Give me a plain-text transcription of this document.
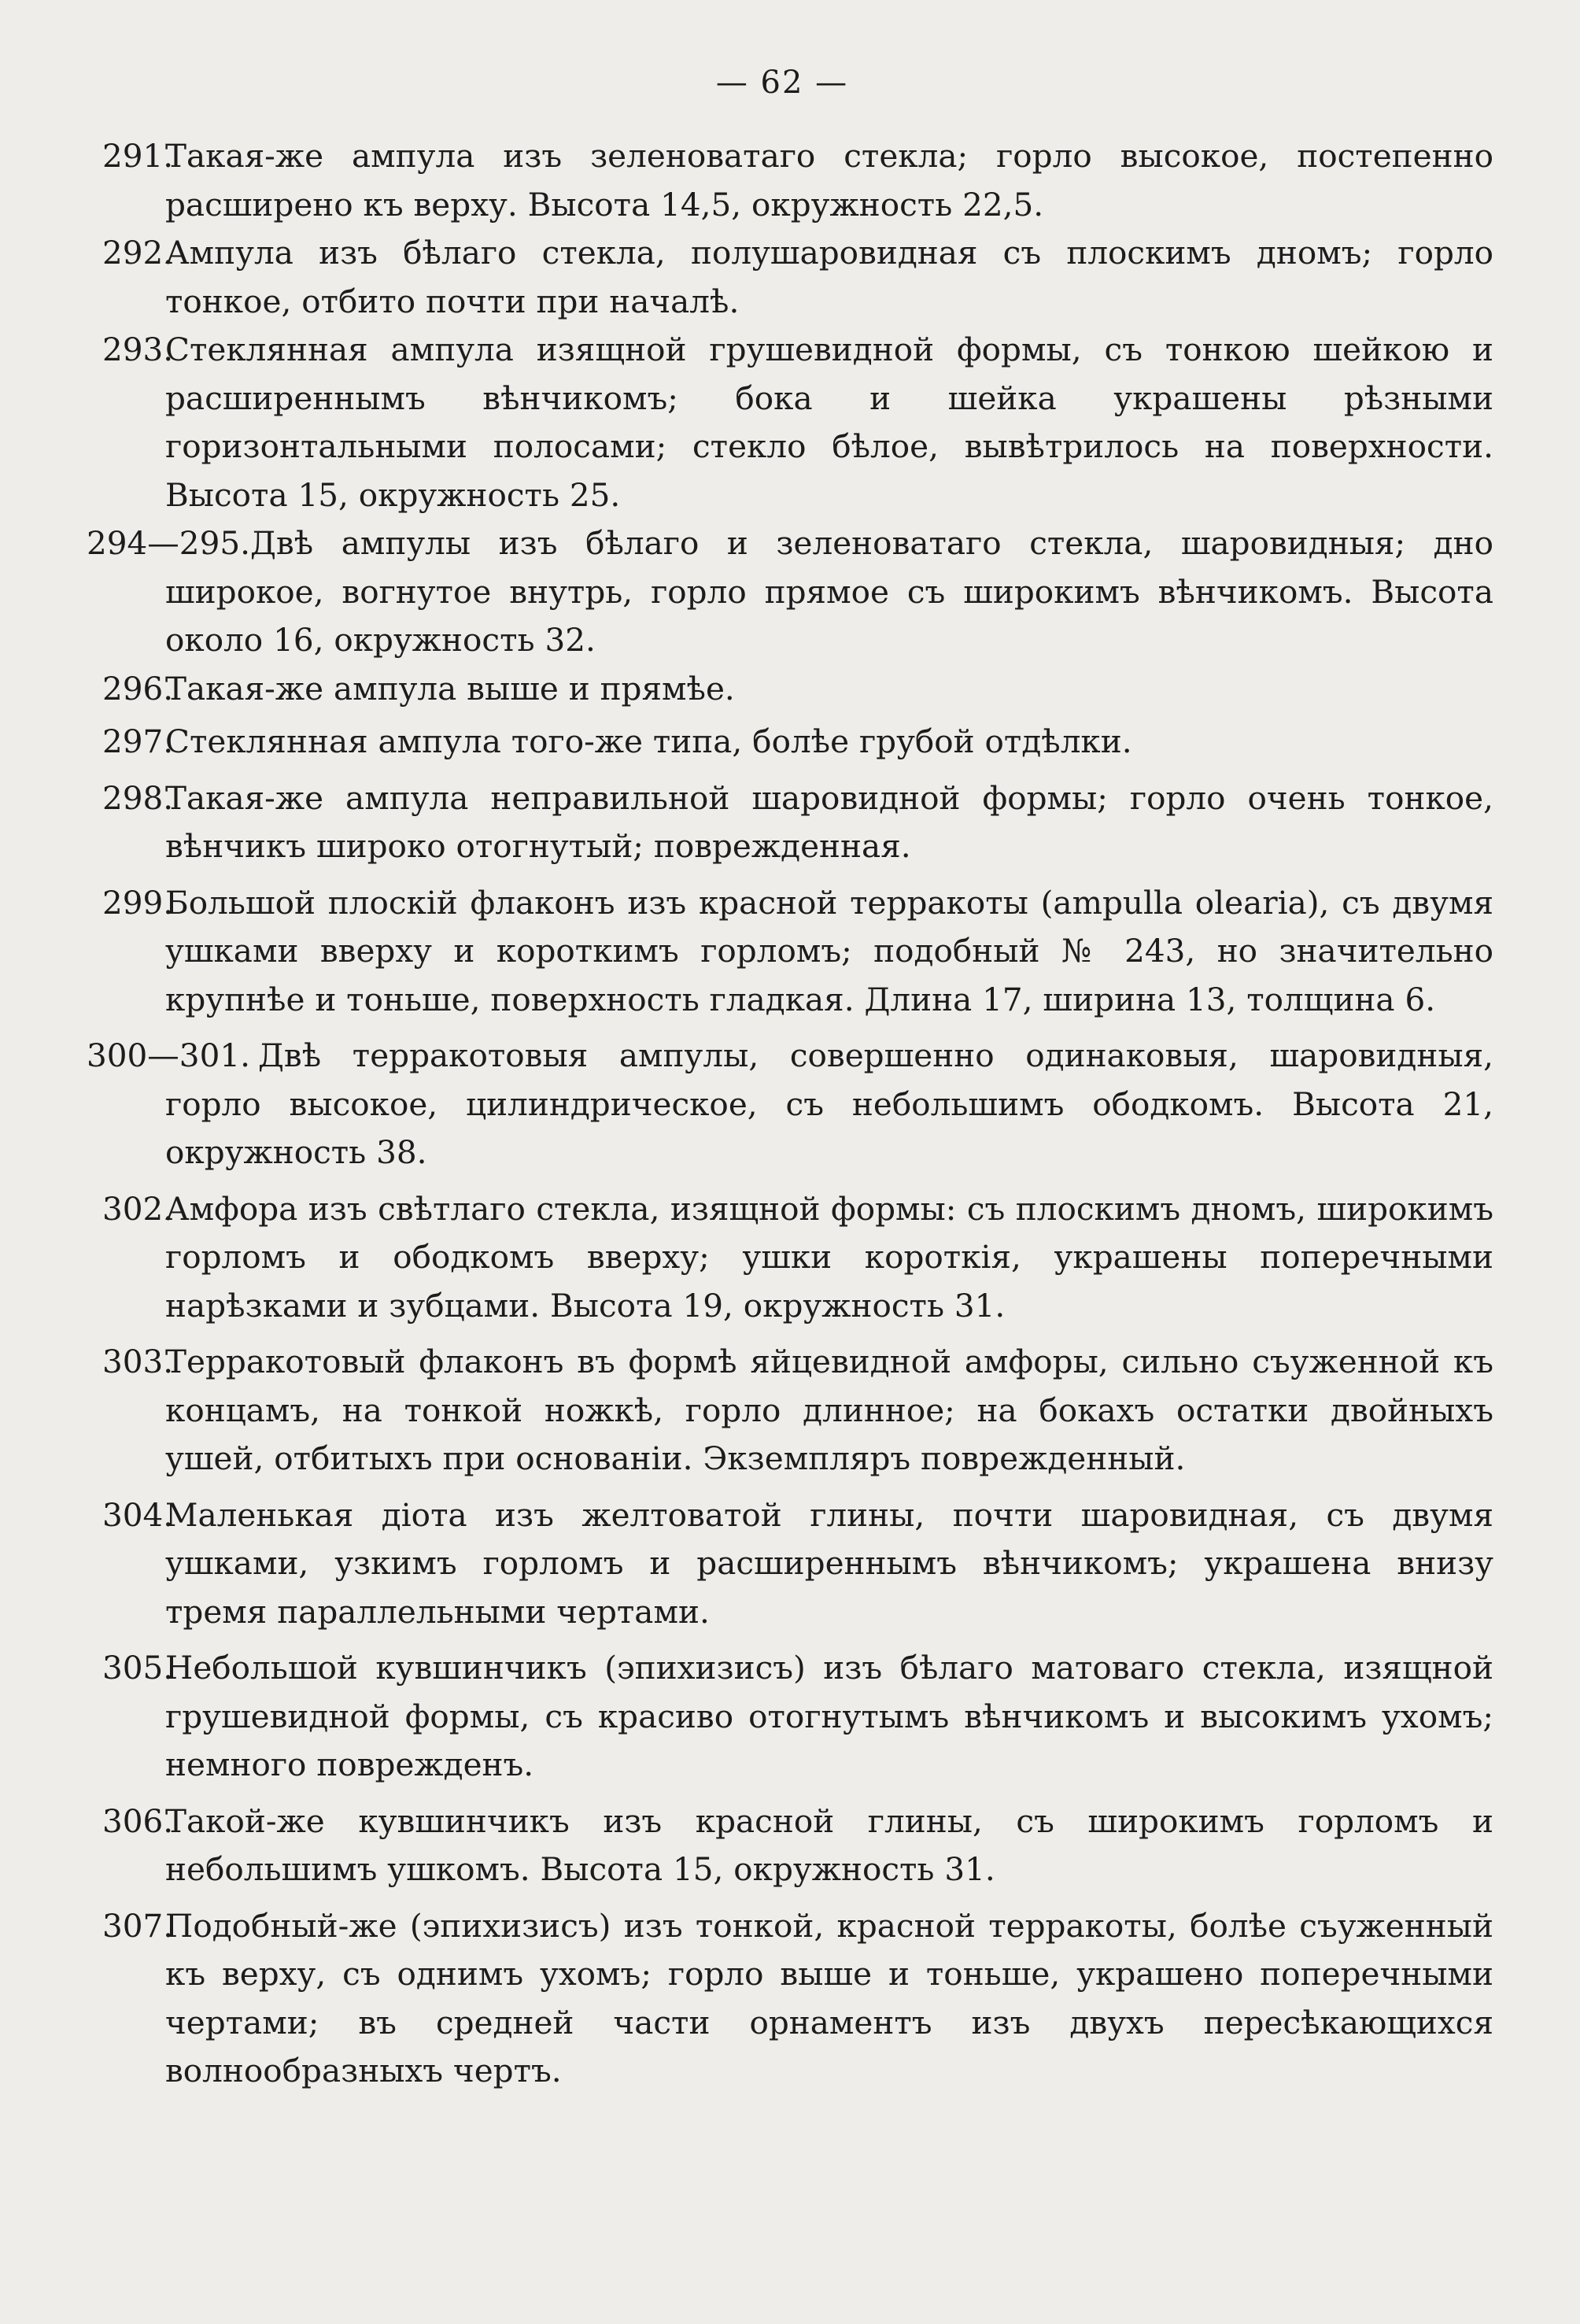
— 62 —
291.
Такая-же ампула изъ зеленоватаго стекла; горло высокое, постепенно расширено къ верху. Высота 14,5, окружность 22,5.
292.
Ампула изъ бѣлаго стекла, полушаровидная съ плоскимъ дномъ; горло тонкое, отбито почти при началѣ.
293.
Стеклянная ампула изящной грушевидной формы, съ тонкою шейкою и расширеннымъ вѣнчикомъ; бока и шейка украшены рѣзными горизонтальными полосами; стекло бѣлое, вывѣтрилось на поверхности. Высота 15, окружность 25.
294—295. Двѣ ампулы изъ бѣлаго и зеленоватаго стекла, шаровидныя; дно широкое, вогнутое внутрь, горло прямое съ широкимъ вѣнчикомъ. Высота около 16, окружность 32.
296.
Такая-же ампула выше и прямѣе.
297.
Стеклянная ампула того-же типа, болѣе грубой отдѣлки.
298.
Такая-же ампула неправильной шаровидной формы; горло очень тонкое, вѣнчикъ широко отогнутый; поврежденная.
299.
Большой плоскій флаконъ изъ красной терракоты (ampulla olearia), съ двумя ушками вверху и короткимъ горломъ; подобный № 243, но значительно крупнѣе и тоньше, поверхность гладкая. Длина 17, ширина 13, толщина 6.
300—301. Двѣ терракотовыя ампулы, совершенно одинаковыя, шаровидныя, горло высокое, цилиндрическое, съ небольшимъ ободкомъ. Высота 21, окружность 38.
302.
Амфора изъ свѣтлаго стекла, изящной формы: съ плоскимъ дномъ, широкимъ горломъ и ободкомъ вверху; ушки короткія, украшены поперечными нарѣзками и зубцами. Высота 19, окружность 31.
303.
Терракотовый флаконъ въ формѣ яйцевидной амфоры, сильно съуженной къ концамъ, на тонкой ножкѣ, горло длинное; на бокахъ остатки двойныхъ ушей, отбитыхъ при основаніи. Экземпляръ поврежденный.
304.
Маленькая діота изъ желтоватой глины, почти шаровидная, съ двумя ушками, узкимъ горломъ и расширеннымъ вѣнчикомъ; украшена внизу тремя параллельными чертами.
305.
Небольшой кувшинчикъ (эпихизисъ) изъ бѣлаго матоваго стекла, изящной грушевидной формы, съ красиво отогнутымъ вѣнчикомъ и высокимъ ухомъ; немного поврежденъ.
306.
Такой-же кувшинчикъ изъ красной глины, съ широкимъ горломъ и небольшимъ ушкомъ. Высота 15, окружность 31.
307.
Подобный-же (эпихизисъ) изъ тонкой, красной терракоты, болѣе съуженный къ верху, съ однимъ ухомъ; горло выше и тоньше, украшено поперечными чертами; въ средней части орнаментъ изъ двухъ пересѣкающихся волнообразныхъ чертъ.
